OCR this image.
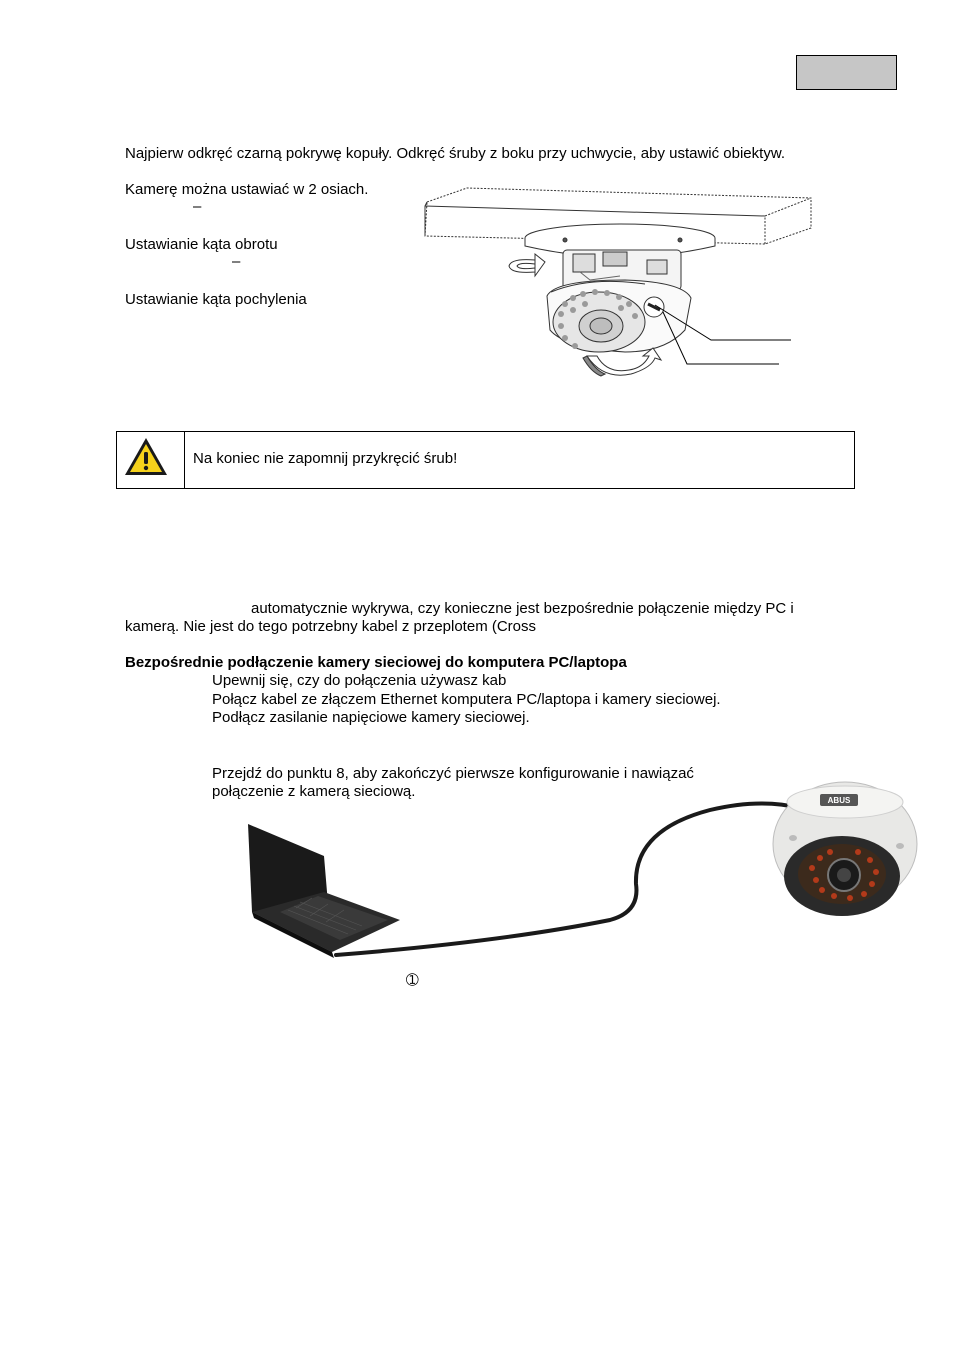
Najpierw odkręć czarną pokrywę kopuły. Odkręć śruby z boku przy uchwycie, aby ustawić obiektyw.
Kamerę można ustawiać w 2 osiach.
–
Ustawianie kąta obrotu
–
Ustawianie kąta pochylenia
Na koniec nie zapomnij przykręcić śrub!
automatycznie wykrywa, czy konieczne jest bezpośrednie połączenie między PC i
kamerą. Nie jest do tego potrzebny kabel z przeplotem (Cross
Bezpośrednie podłączenie kamery sieciowej do komputera PC/laptopa
Upewnij się, czy do połączenia używasz kab
Połącz kabel ze złączem Ethernet komputera PC/laptopa i kamery sieciowej.
Podłącz zasilanie napięciowe kamery sieciowej.
Przejdź do punktu 8, aby zakończyć pierwsze konfigurowanie i nawiązać
połączenie z kamerą sieciową.
ABUS
➀
